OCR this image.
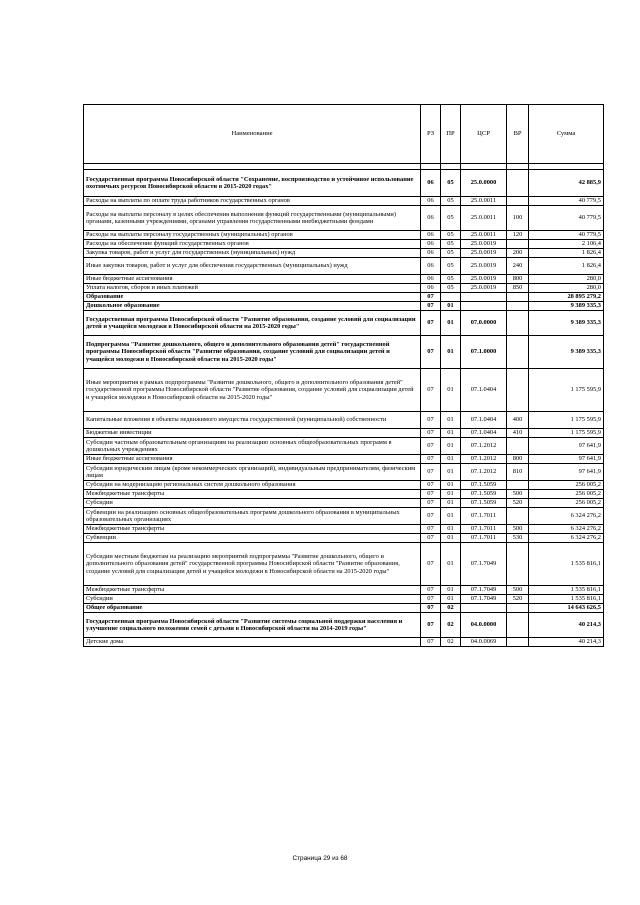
Наименование	РЗ	ПР	ЦСР	ВР	Сумма

Государственная программа Новосибирской области "Сохранение, воспроизводство и устойчивое использование охотничьих ресурсов Новосибирской области в 2015-2020 годах"	06	05	25.0.0000		42 885,9
Расходы на выплаты по оплате труда работников государственных органов	06	05	25.0.0011		40 779,5
Расходы на выплаты персоналу в целях обеспечения выполнения функций государственными (муниципальными) органами, казенными учреждениями, органами управления государственными внебюджетными фондами	06	05	25.0.0011	100	40 779,5
Расходы на выплаты персоналу государственных (муниципальных) органов	06	05	25.0.0011	120	40 779,5
Расходы на обеспечение функций государственных органов	06	05	25.0.0019		2 106,4
Закупка товаров, работ и услуг для государственных (муниципальных) нужд	06	05	25.0.0019	200	1 826,4
Иные закупки товаров, работ и услуг для обеспечения государственных (муниципальных) нужд	06	05	25.0.0019	240	1 826,4
Иные бюджетные ассигнования	06	05	25.0.0019	800	280,0
Уплата налогов, сборов и иных платежей	06	05	25.0.0019	850	280,0
Образование	07				28 895 279,2
Дошкольное образование	07	01			9 389 335,3
Государственная программа Новосибирской области "Развитие образования, создание условий для социализации детей и учащейся молодежи в Новосибирской области на 2015-2020 годы"	07	01	07.0.0000		9 389 335,3
Подпрограмма "Развитие дошкольного, общего и дополнительного образования детей" государственной программы Новосибирской области "Развитие образования, создание условий для социализации детей и учащейся молодежи в Новосибирской области на 2015-2020 годы"	07	01	07.1.0000		9 389 335,3
Иные мероприятия в рамках подпрограммы "Развитие дошкольного, общего и дополнительного образования детей" государственной программы Новосибирской области "Развитие образования, создание условий для социализации детей и учащейся молодежи в Новосибирской области на 2015-2020 годы"	07	01	07.1.0404		1 175 595,9
Капитальные вложения в объекты недвижимого имущества государственной (муниципальной) собственности	07	01	07.1.0404	400	1 175 595,9
Бюджетные инвестиции	07	01	07.1.0404	410	1 175 595,9
Субсидии частным образовательным организациям на реализацию основных общеобразовательных программ в дошкольных учреждениях	07	01	07.1.2012		97 641,9
Иные бюджетные ассигнования	07	01	07.1.2012	800	97 641,9
Субсидии юридическим лицам (кроме некоммерческих организаций), индивидуальным предпринимателям, физическим лицам	07	01	07.1.2012	810	97 641,9
Субсидии на модернизацию региональных систем дошкольного образования	07	01	07.1.5059		256 005,2
Межбюджетные трансферты	07	01	07.1.5059	500	256 005,2
Субсидии	07	01	07.1.5059	520	256 005,2
Субвенции на реализацию основных общеобразовательных программ дошкольного образования в муниципальных образовательных организациях	07	01	07.1.7011		6 324 276,2
Межбюджетные трансферты	07	01	07.1.7011	500	6 324 276,2
Субвенции	07	01	07.1.7011	530	6 324 276,2
Субсидии местным бюджетам на реализацию мероприятий подпрограммы "Развитие дошкольного, общего и дополнительного образования детей" государственной программы Новосибирской области "Развитие образования, создание условий для социализации детей и учащейся молодежи в Новосибирской области на 2015-2020 годы"	07	01	07.1.7049		1 535 816,1
Межбюджетные трансферты	07	01	07.1.7049	500	1 535 816,1
Субсидии	07	01	07.1.7049	520	1 535 816,1
Общее образование	07	02			14 643 626,5
Государственная программа Новосибирской области "Развитие системы социальной поддержки населения и улучшение социального положения семей с детьми в Новосибирской области на 2014-2019 годы"	07	02	04.0.0000		40 214,3
Детские дома	07	02	04.0.0069		40 214,3
Страница 29 из 68
